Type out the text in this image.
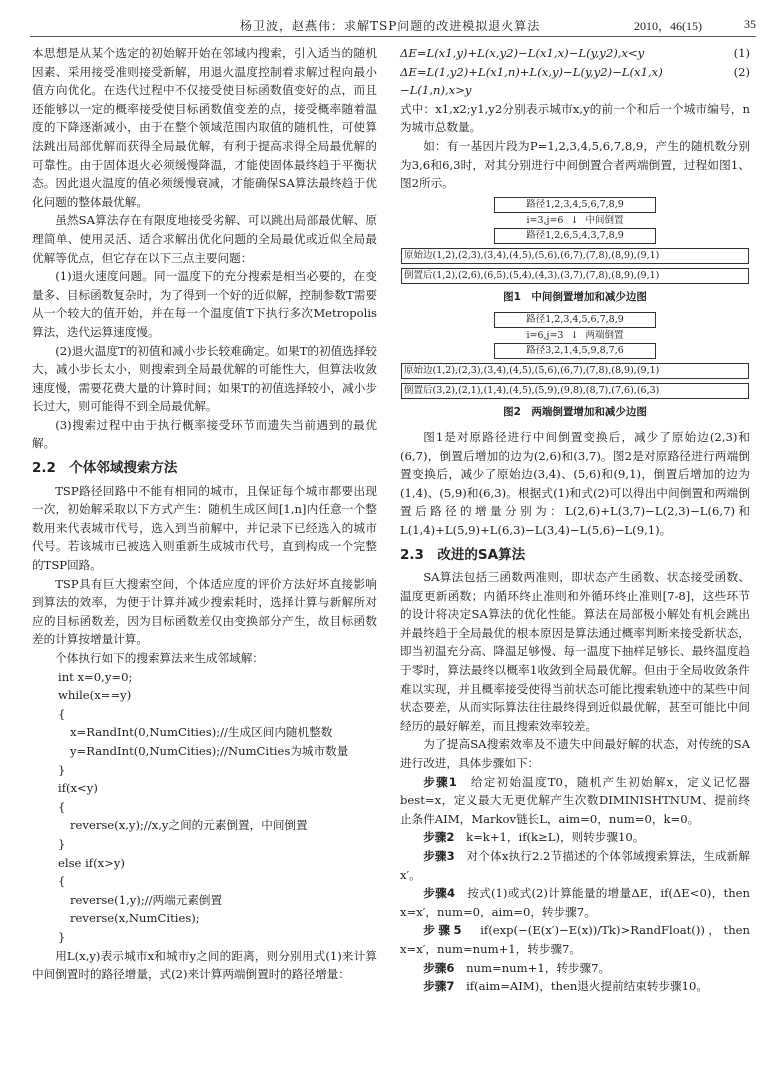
杨卫波，赵燕伟：求解TSP问题的改进模拟退火算法	2010，46(15)	35

本思想是从某个选定的初始解开始在邻域内搜索，引入适当的随机因素、采用接受准则接受新解，用退火温度控制着求解过程向最小值方向优化。在迭代过程中不仅接受使目标函数值变好的点，而且还能够以一定的概率接受使目标函数值变差的点，接受概率随着温度的下降逐渐减小，由于在整个领域范围内取值的随机性，可使算法跳出局部优解而获得全局最优解，有利于提高求得全局最优解的可靠性。由于固体退火必须缓慢降温，才能使固体最终趋于平衡状态。因此退火温度的值必须缓慢衰减，才能确保SA算法最终趋于优化问题的整体最优解。

虽然SA算法存在有限度地接受劣解、可以跳出局部最优解、原理简单、使用灵活、适合求解出优化问题的全局最优或近似全局最优解等优点，但它存在以下三点主要问题：

(1)退火速度问题。同一温度下的充分搜索是相当必要的，在变量多、目标函数复杂时，为了得到一个好的近似解，控制参数T需要从一个较大的值开始，并在每一个温度值T下执行多次Metropolis算法，迭代运算速度慢。

(2)退火温度T的初值和减小步长较难确定。如果T的初值选择较大，减小步长太小，则搜索到全局最优解的可能性大，但算法收敛速度慢，需要花费大量的计算时间；如果T的初值选择较小，减小步长过大，则可能得不到全局最优解。

(3)搜索过程中由于执行概率接受环节而遗失当前遇到的最优解。

2.2　个体邻域搜索方法

TSP路径回路中不能有相同的城市，且保证每个城市都要出现一次，初始解采取以下方式产生：随机生成区间[1,n]内任意一个整数用来代表城市代号，选入到当前解中，并记录下已经选入的城市代号。若该城市已被选入则重新生成城市代号，直到构成一个完整的TSP回路。

TSP具有巨大搜索空间，个体适应度的评价方法好坏直接影响到算法的效率，为便于计算并减少搜索耗时，选择计算与新解所对应的目标函数差，因为目标函数差仅由变换部分产生，故目标函数差的计算按增量计算。

个体执行如下的搜索算法来生成邻域解：

int x=0,y=0;

while(x==y)

{

x=RandInt(0,NumCities);//生成区间内随机整数

y=RandInt(0,NumCities);//NumCities为城市数量

}

if(x<y)

{

reverse(x,y);//x,y之间的元素倒置，中间倒置

}

else if(x>y)

{

reverse(1,y);//两端元素倒置

reverse(x,NumCities);

}

用L(x,y)表示城市x和城市y之间的距离，则分别用式(1)来计算中间倒置时的路径增量，式(2)来计算两端倒置时的路径增量：

ΔE=L(x1,y)+L(x,y2)−L(x1,x)−L(y,y2),x<y	(1)
ΔE=L(1,y2)+L(x1,n)+L(x,y)−L(y,y2)−L(x1,x)−L(1,n),x>y
(2)

式中：x1,x2;y1,y2分别表示城市x,y的前一个和后一个城市编号，n为城市总数量。

如：有一基因片段为P=1,2,3,4,5,6,7,8,9，产生的随机数分别为3,6和6,3时，对其分别进行中间倒置合者两端倒置，过程如图1、图2所示。

路径1,2,3,4,5,6,7,8,9
i=3,j=6 ↓ 中间倒置
路径1,2,6,5,4,3,7,8,9
原始边(1,2),(2,3),(3,4),(4,5),(5,6),(6,7),(7,8),(8,9),(9,1)
倒置后(1,2),(2,6),(6,5),(5,4),(4,3),(3,7),(7,8),(8,9),(9,1)
图1　中间倒置增加和减少边图
路径1,2,3,4,5,6,7,8,9
i=6,j=3 ↓ 两端倒置
路径3,2,1,4,5,9,8,7,6
原始边(1,2),(2,3),(3,4),(4,5),(5,6),(6,7),(7,8),(8,9),(9,1)
倒置后(3,2),(2,1),(1,4),(4,5),(5,9),(9,8),(8,7),(7,6),(6,3)
图2　两端倒置增加和减少边图

图1是对原路径进行中间倒置变换后，减少了原始边(2,3)和(6,7)，倒置后增加的边为(2,6)和(3,7)。图2是对原路径进行两端倒置变换后，减少了原始边(3,4)、(5,6)和(9,1)，倒置后增加的边为(1,4)、(5,9)和(6,3)。根据式(1)和式(2)可以得出中间倒置和两端倒置后路径的增量分别为：L(2,6)+L(3,7)−L(2,3)−L(6,7)和L(1,4)+L(5,9)+L(6,3)−L(3,4)−L(5,6)−L(9,1)。

2.3　改进的SA算法

SA算法包括三函数两准则，即状态产生函数、状态接受函数、温度更新函数；内循环终止准则和外循环终止准则[7-8]，这些环节的设计将决定SA算法的优化性能。算法在局部极小解处有机会跳出并最终趋于全局最优的根本原因是算法通过概率判断来接受新状态，即当初温充分高、降温足够慢、每一温度下抽样足够长、最终温度趋于零时，算法最终以概率1收敛到全局最优解。但由于全局收敛条件难以实现，并且概率接受使得当前状态可能比搜索轨迹中的某些中间状态要差，从而实际算法往往最终得到近似最优解，甚至可能比中间经历的最好解差，而且搜索效率较差。

为了提高SA搜索效率及不遗失中间最好解的状态，对传统的SA进行改进，具体步骤如下：

步骤1　 给定初始温度T0，随机产生初始解x，定义记忆器best=x，定义最大无更优解产生次数DIMINISHTNUM、提前终止条件AIM，Markov链长L，aim=0，num=0，k=0。

步骤2　 k=k+1，if(k≥L)，则转步骤10。

步骤3　 对个体x执行2.2节描述的个体邻域搜索算法，生成新解x′。

步骤4　 按式(1)或式(2)计算能量的增量ΔE，if(ΔE<0)，then x=x′，num=0，aim=0，转步骤7。

步骤5　 if(exp(−(E(x′)−E(x))/Tk)>RandFloat())，then x=x′，num=num+1，转步骤7。

步骤6　 num=num+1，转步骤7。

步骤7　 if(aim=AIM)，then退火提前结束转步骤10。
